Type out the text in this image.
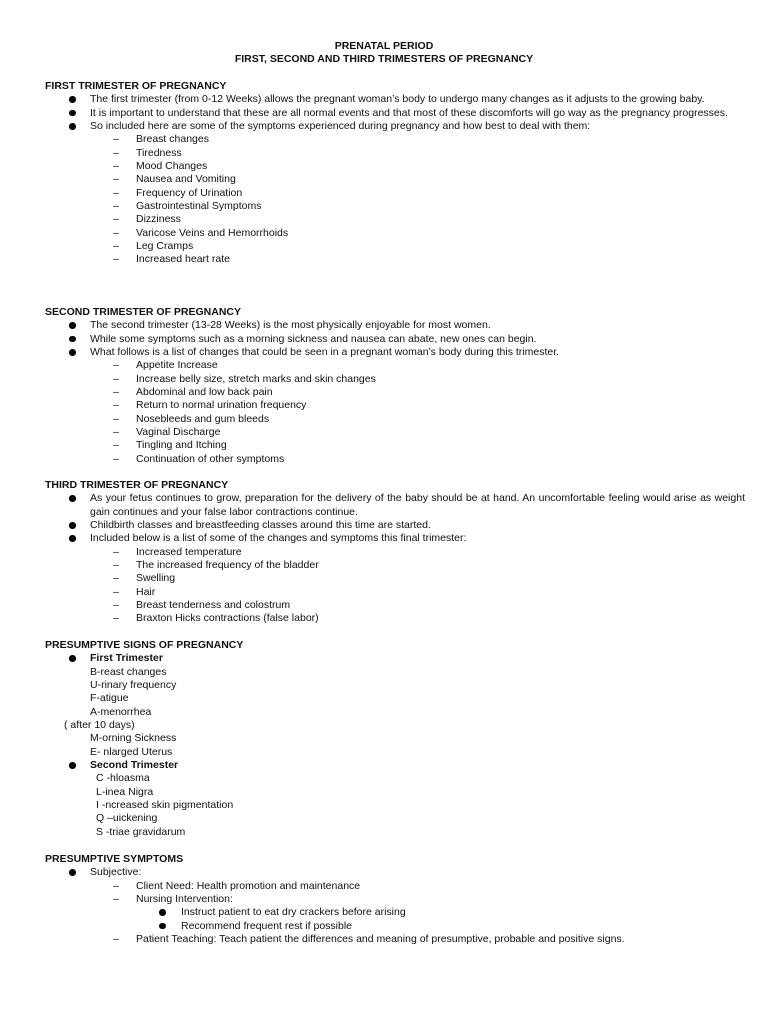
PRENATAL PERIOD
FIRST, SECOND AND THIRD TRIMESTERS OF PREGNANCY
FIRST TRIMESTER OF PREGNANCY
The first trimester (from 0-12 Weeks) allows the pregnant woman’s body to undergo many changes as it adjusts to the growing baby.
It is important to understand that these are all normal events and that most of these discomforts will go way as the pregnancy progresses.
So included here are some of the symptoms experienced during pregnancy and how best to deal with them:
– Breast changes
– Tiredness
– Mood Changes
– Nausea and Vomiting
– Frequency of Urination
– Gastrointestinal Symptoms
– Dizziness
– Varicose Veins and Hemorrhoids
– Leg Cramps
– Increased heart rate
SECOND TRIMESTER OF PREGNANCY
The second trimester (13-28 Weeks) is the most physically enjoyable for most women.
While some symptoms such as a morning sickness and nausea can abate, new ones can begin.
What follows is a list of changes that could be seen in a pregnant woman’s body during this trimester.
– Appetite Increase
– Increase belly size, stretch marks and skin changes
– Abdominal and low back pain
– Return to normal urination frequency
– Nosebleeds and gum bleeds
– Vaginal Discharge
– Tingling and Itching
– Continuation of other symptoms
THIRD TRIMESTER OF PREGNANCY
As your fetus continues to grow, preparation for the delivery of the baby should be at hand. An uncomfortable feeling would arise as weight gain continues and your false labor contractions continue.
Childbirth classes and breastfeeding classes around this time are started.
Included below is a list of some of the changes and symptoms this final trimester:
– Increased temperature
– The increased frequency of the bladder
– Swelling
– Hair
– Breast tenderness and colostrum
– Braxton Hicks contractions (false labor)
PRESUMPTIVE SIGNS OF PREGNANCY
First Trimester
B-reast changes
U-rinary frequency
F-atigue
A-menorrhea
( after 10 days)
M-orning Sickness
E- nlarged Uterus
Second Trimester
C -hloasma
L-inea Nigra
I -ncreased skin pigmentation
Q –uickening
S -triae gravidarum
PRESUMPTIVE SYMPTOMS
Subjective:
– Client Need: Health promotion and maintenance
– Nursing Intervention:
Instruct patient to eat dry crackers before arising
Recommend frequent rest if possible
– Patient Teaching: Teach patient the differences and meaning of presumptive, probable and positive signs.
